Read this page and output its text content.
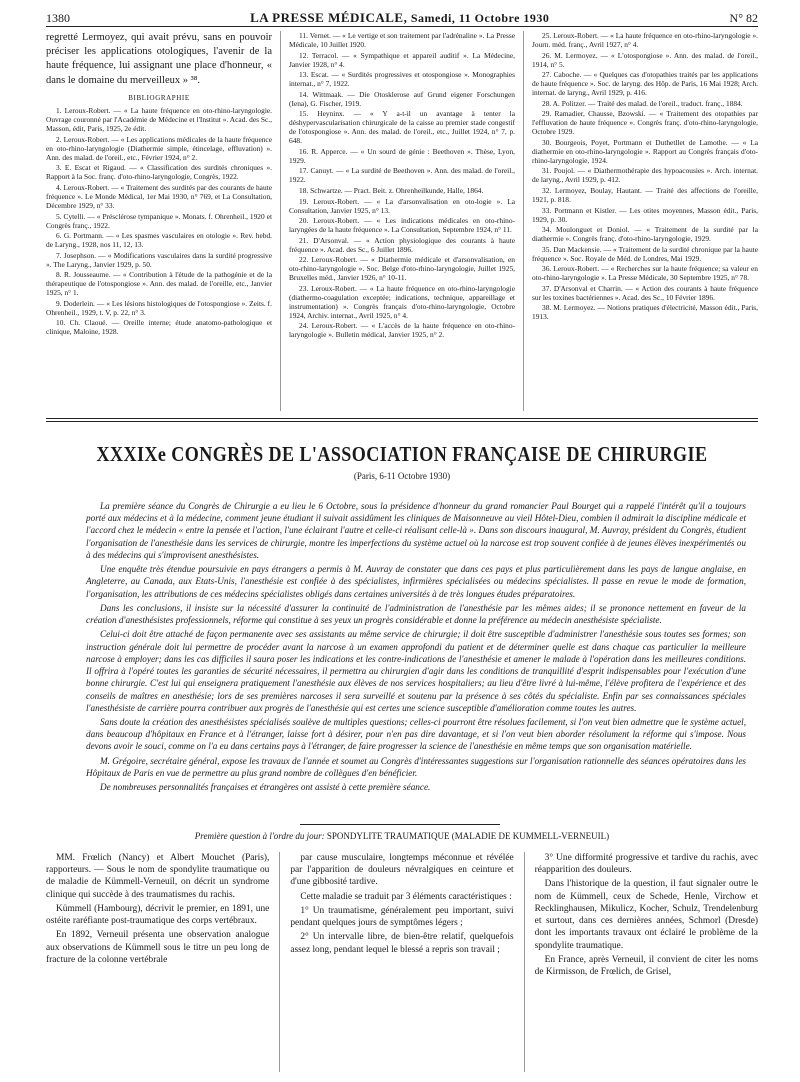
1380	LA PRESSE MÉDICALE, Samedi, 11 Octobre 1930	N° 82

regretté Lermoyez, qui avait prévu, sans en pouvoir préciser les applications otologiques, l'avenir de la haute fréquence, lui assignant une place d'honneur, « dans le domaine du merveilleux » ³⁸.

BIBLIOGRAPHIE

1. Leroux-Robert. — « La haute fréquence en oto-rhino-laryngologie. Ouvrage couronné par l'Académie de Médecine et l'Institut ». Acad. des Sc., Masson, édit, Paris, 1925, 2e édit.

2. Leroux-Robert. — « Les applications médicales de la haute fréquence en oto-rhino-laryngologie (Diathermie simple, étincelage, effluvation) ». Ann. des malad. de l'oreil., etc., Février 1924, n° 2.

3. E. Escat et Rigaud. — « Classification des surdités chroniques ». Rapport à la Soc. franç. d'oto-rhino-laryngologie, Congrès, 1922.

4. Leroux-Robert. — « Traitement des surdités par des courants de haute fréquence ». Le Monde Médical, 1er Mai 1930, n° 769, et La Consultation, Décembre 1929, n° 33.

5. Cytelli. — « Présclérose tympanique ». Monats. f. Ohrenheil., 1920 et Congrès franç., 1922.

6. G. Portmann. — « Les spasmes vasculaires en otologie ». Rev. hebd. de Laryng., 1928, nos 11, 12, 13.

7. Josephson. — « Modifications vasculaires dans la surdité progressive ». The Laryng., Janvier 1929, p. 50.

8. R. Jousseaume. — « Contribution à l'étude de la pathogénie et de la thérapeutique de l'otospongiose ». Ann. des malad. de l'oreille, etc., Janvier 1925, n° 1.

9. Doderlein. — « Les lésions histologiques de l'otospongiose ». Zeits. f. Ohrenheil., 1929, t. V, p. 22, n° 3.

10. Ch. Claoué. — Oreille interne; étude anatomo-pathologique et clinique, Maloine, 1928.

11. Vernet. — « Le vertige et son traitement par l'adrénaline ». La Presse Médicale, 10 Juillet 1920.

12. Terracol. — « Sympathique et appareil auditif ». La Médecine, Janvier 1928, n° 4.

13. Escat. — « Surdités progressives et otospongiose ». Monographies internat., n° 7, 1922.

14. Wittmaak. — Die Otosklerose auf Grund eigener Forschungen (Iena), G. Fischer, 1919.

15. Heyninx. — « Y a-t-il un avantage à tenter la déshypervascularisation chirurgicale de la caisse au premier stade congestif de l'otospongiose ». Ann. des malad. de l'oreil., etc., Juillet 1924, n° 7, p. 648.

16. R. Apperce. — « Un sourd de génie : Beethoven ». Thèse, Lyon, 1929.

17. Canuyt. — « La surdité de Beethoven ». Ann. des malad. de l'oreil., 1922.

18. Schwartze. — Pract. Beit. z. Ohrenheilkunde, Halle, 1864.

19. Leroux-Robert. — « La d'arsonvalisation en oto-logie ». La Consultation, Janvier 1925, n° 13.

20. Leroux-Robert. — « Les indications médicales en oto-rhino-laryngées de la haute fréquence ». La Consultation, Septembre 1924, n° 11.

21. D'Arsonval. — « Action physiologique des courants à haute fréquence ». Acad. des Sc., 6 Juillet 1896.

22. Leroux-Robert. — « Diathermie médicale et d'arsonvalisation, en oto-rhino-laryngologie ». Soc. Belge d'oto-rhino-laryngologie, Juillet 1925, Bruxelles méd., Janvier 1926, n° 10-11.

23. Leroux-Robert. — « La haute fréquence en oto-rhino-laryngologie (diathermo-coagulation exceptée; indications, technique, appareillage et instrumentation) ». Congrès français d'oto-rhino-laryngologie, Octobre 1924, Archiv. internat., Avril 1925, n° 4.

24. Leroux-Robert. — « L'accès de la haute fréquence en oto-rhino-laryngologie ». Bulletin médical, Janvier 1925, n° 2.

25. Leroux-Robert. — « La haute fréquence en oto-rhino-laryngologie ». Journ. méd. franç., Avril 1927, n° 4.

26. M. Lermoyez. — « L'otospongiose ». Ann. des malad. de l'oreil., 1914, n° 5.

27. Caboche. — « Quelques cas d'otopathies traités par les applications de haute fréquence ». Soc. de laryng. des Hôp. de Paris, 16 Mai 1928; Arch. internat. de laryng., Avril 1929, p. 416.

28. A. Politzer. — Traité des malad. de l'oreil., traduct. franç., 1884.

29. Ramadier, Chausse, Bzowski. — « Traitement des otopathies par l'effluvation de haute fréquence ». Congrès franç. d'oto-rhino-laryngologie, Octobre 1929.

30. Bourgeois, Poyet, Portmann et Duthetllet de Lamothe. — « La diathermie en oto-rhino-laryngologie ». Rapport au Congrès français d'oto-rhino-laryngologie, 1924.

31. Poujol. — « Diathermothérapie des hypoacousies ». Arch. internat. de laryng., Avril 1929, p. 412.

32. Lermoyez, Boulay, Hautant. — Traité des affections de l'oreille, 1921, p. 818.

33. Portmann et Kistler. — Les otites moyennes, Masson édit., Paris, 1929, p. 30.

34. Moulonguet et Doniol. — « Traitement de la surdité par la diathermie ». Congrès franç. d'oto-rhino-laryngologie, 1929.

35. Dan Mackensie. — « Traitement de la surdité chronique par la haute fréquence ». Soc. Royale de Méd. de Londres, Mai 1929.

36. Leroux-Robert. — « Recherches sur la haute fréquence; sa valeur en oto-rhino-laryngologie ». La Presse Médicale, 30 Septembre 1925, n° 78.

37. D'Arsonval et Charrin. — « Action des courants à haute fréquence sur les toxines bactériennes ». Acad. des Sc., 10 Février 1896.

38. M. Lermoyez. — Notions pratiques d'électricité, Masson édit., Paris, 1913.

XXXIXe CONGRÈS DE L'ASSOCIATION FRANÇAISE DE CHIRURGIE
(Paris, 6-11 Octobre 1930)

La première séance du Congrès de Chirurgie a eu lieu le 6 Octobre, sous la présidence d'honneur du grand romancier Paul Bourget qui a rappelé l'intérêt qu'il a toujours porté aux médecins et à la médecine, comment jeune étudiant il suivait assidûment les cliniques de Maisonneuve au vieil Hôtel-Dieu, combien il admirait la discipline médicale et l'accord chez le médecin « entre la pensée et l'action, l'une éclairant l'autre et celle-ci réalisant celle-là ». Dans son discours inaugural, M. Auvray, président du Congrès, étudient l'organisation de l'anesthésie dans les services de chirurgie, montre les imperfections du système actuel où la narcose est trop souvent confiée à de jeunes élèves inexpérimentés ou à des médecins qui s'improvisent anesthésistes.

Une enquête très étendue poursuivie en pays étrangers a permis à M. Auvray de constater que dans ces pays et plus particulièrement dans les pays de langue anglaise, en Angleterre, au Canada, aux Etats-Unis, l'anesthésie est confiée à des spécialistes, infirmières spécialisées ou médecins spécialistes. Il passe en revue le mode de formation, l'organisation, les attributions de ces médecins spécialistes obligés dans certaines universités à de très longues études préparatoires.

Dans les conclusions, il insiste sur la nécessité d'assurer la continuité de l'administration de l'anesthésie par les mêmes aides; il se prononce nettement en faveur de la création d'anesthésistes professionnels, réforme qui constitue à ses yeux un progrès considérable et donne la préférence au médecin anesthésiste spécialiste.

Celui-ci doit être attaché de façon permanente avec ses assistants au même service de chirurgie; il doit être susceptible d'administrer l'anesthésie sous toutes ses formes; son instruction générale doit lui permettre de procéder avant la narcose à un examen approfondi du patient et de déterminer quelle est dans chaque cas particulier la meilleure narcose à employer; dans les cas difficiles il saura poser les indications et les contre-indications de l'anesthésie et amener le malade à l'opération dans les meilleures conditions. Il offrira à l'opéré toutes les garanties de sécurité nécessaires, il permettra au chirurgien d'agir dans les conditions de tranquillité d'esprit indispensables pour l'exécution d'une bonne chirurgie. C'est lui qui enseignera pratiquement l'anesthésie aux élèves de nos services hospitaliers; au lieu d'être livré à lui-même, l'élève profitera de l'expérience et des conseils de maîtres en anesthésie; lors de ses premières narcoses il sera surveillé et soutenu par la présence à ses côtés du spécialiste. Enfin par ses connaissances spéciales l'anesthésiste de carrière pourra contribuer aux progrès de l'anesthésie qui est certes une science susceptible d'amélioration comme toutes les autres.

Sans doute la création des anesthésistes spécialisés soulève de multiples questions; celles-ci pourront être résolues facilement, si l'on veut bien admettre que le système actuel, dans beaucoup d'hôpitaux en France et à l'étranger, laisse fort à désirer, pour n'en pas dire davantage, et si l'on veut bien aborder résolument la réforme qui s'impose. Nous devons avoir le souci, comme on l'a eu dans certains pays à l'étranger, de faire progresser la science de l'anesthésie en même temps que son organisation matérielle.

M. Grégoire, secrétaire général, expose les travaux de l'année et soumet au Congrès d'intéressantes suggestions sur l'organisation rationnelle des séances opératoires dans les Hôpitaux de Paris en vue de permettre au plus grand nombre de collègues d'en bénéficier.

De nombreuses personnalités françaises et étrangères ont assisté à cette première séance.

Première question à l'ordre du jour: SPONDYLITE TRAUMATIQUE (MALADIE DE KUMMELL-VERNEUIL)

MM. Frœlich (Nancy) et Albert Mouchet (Paris), rapporteurs. — Sous le nom de spondylite traumatique ou de maladie de Kümmell-Verneuil, on décrit un syndrome clinique qui succède à des traumatismes du rachis.

Kümmell (Hambourg), décrivit le premier, en 1891, une ostéite raréfiante post-traumatique des corps vertébraux.

En 1892, Verneuil présenta une observation analogue aux observations de Kümmell sous le titre un peu long de fracture de la colonne vertébrale

par cause musculaire, longtemps méconnue et révélée par l'apparition de douleurs névralgiques en ceinture et d'une gibbosité tardive.

Cette maladie se traduit par 3 éléments caractéristiques :

1° Un traumatisme, généralement peu important, suivi pendant quelques jours de symptômes légers ;

2° Un intervalle libre, de bien-être relatif, quelquefois assez long, pendant lequel le blessé a repris son travail ;

3° Une difformité progressive et tardive du rachis, avec réapparition des douleurs.

Dans l'historique de la question, il faut signaler outre le nom de Kümmell, ceux de Schede, Henle, Virchow et Recklinghausen, Mikulicz, Kocher, Schulz, Trendelenburg et surtout, dans ces dernières années, Schmorl (Dresde) dont les importants travaux ont éclairé le problème de la spondylite traumatique.

En France, après Verneuil, il convient de citer les noms de Kirmisson, de Frœlich, de Grisel,
